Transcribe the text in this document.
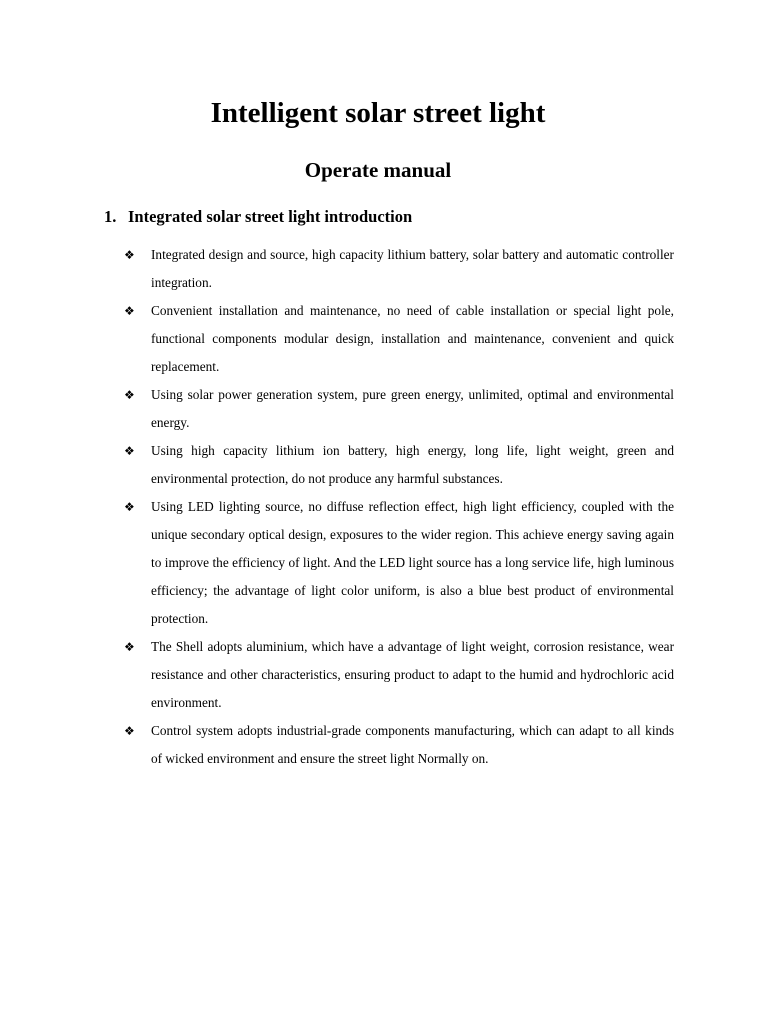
Intelligent solar street light
Operate manual
1. Integrated solar street light introduction
❖ Integrated design and source, high capacity lithium battery, solar battery and automatic controller integration.
❖ Convenient installation and maintenance, no need of cable installation or special light pole, functional components modular design, installation and maintenance, convenient and quick replacement.
❖ Using solar power generation system, pure green energy, unlimited, optimal and environmental energy.
❖ Using high capacity lithium ion battery, high energy, long life, light weight, green and environmental protection, do not produce any harmful substances.
❖ Using LED lighting source, no diffuse reflection effect, high light efficiency, coupled with the unique secondary optical design, exposures to the wider region. This achieve energy saving again to improve the efficiency of light. And the LED light source has a long service life, high luminous efficiency; the advantage of light color uniform, is also a blue best product of environmental protection.
❖ The Shell adopts aluminium, which have a advantage of light weight, corrosion resistance, wear resistance and other characteristics, ensuring product to adapt to the humid and hydrochloric acid environment.
❖ Control system adopts industrial-grade components manufacturing, which can adapt to all kinds of wicked environment and ensure the street light Normally on.
